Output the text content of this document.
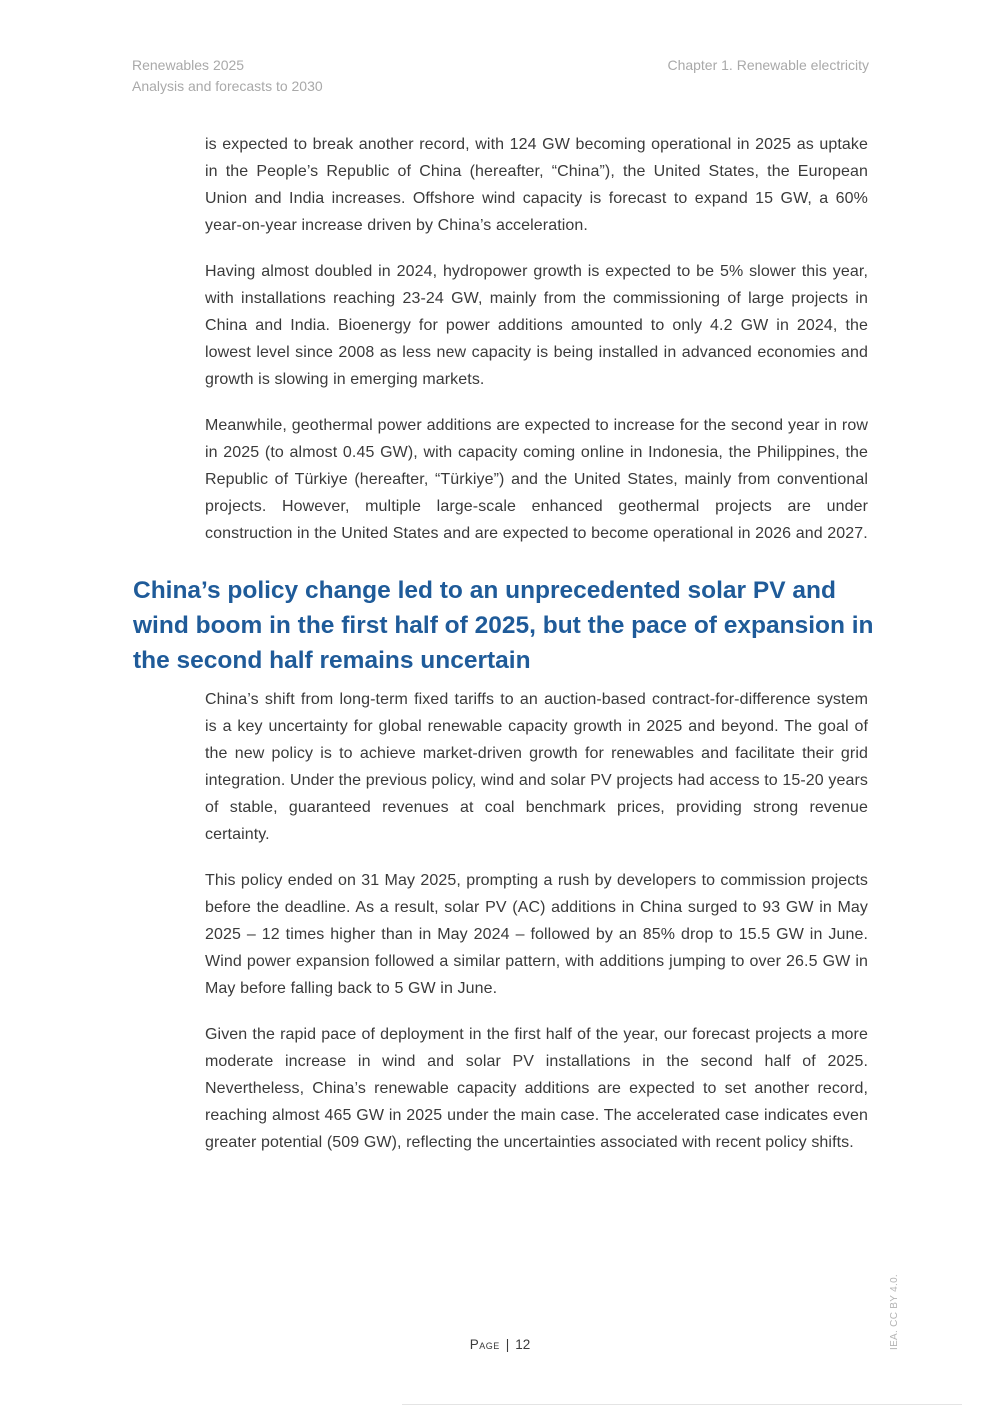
Renewables 2025
Analysis and forecasts to 2030
Chapter 1. Renewable electricity

is expected to break another record, with 124 GW becoming operational in 2025 as uptake in the People’s Republic of China (hereafter, “China”), the United States, the European Union and India increases. Offshore wind capacity is forecast to expand 15 GW, a 60% year-on-year increase driven by China’s acceleration.

Having almost doubled in 2024, hydropower growth is expected to be 5% slower this year, with installations reaching 23-24 GW, mainly from the commissioning of large projects in China and India. Bioenergy for power additions amounted to only 4.2 GW in 2024, the lowest level since 2008 as less new capacity is being installed in advanced economies and growth is slowing in emerging markets.

Meanwhile, geothermal power additions are expected to increase for the second year in row in 2025 (to almost 0.45 GW), with capacity coming online in Indonesia, the Philippines, the Republic of Türkiye (hereafter, “Türkiye”) and the United States, mainly from conventional projects. However, multiple large-scale enhanced geothermal projects are under construction in the United States and are expected to become operational in 2026 and 2027.

China’s policy change led to an unprecedented solar PV and wind boom in the first half of 2025, but the pace of expansion in the second half remains uncertain

China’s shift from long-term fixed tariffs to an auction-based contract-for-difference system is a key uncertainty for global renewable capacity growth in 2025 and beyond. The goal of the new policy is to achieve market-driven growth for renewables and facilitate their grid integration. Under the previous policy, wind and solar PV projects had access to 15-20 years of stable, guaranteed revenues at coal benchmark prices, providing strong revenue certainty.

This policy ended on 31 May 2025, prompting a rush by developers to commission projects before the deadline. As a result, solar PV (AC) additions in China surged to 93 GW in May 2025 – 12 times higher than in May 2024 – followed by an 85% drop to 15.5 GW in June. Wind power expansion followed a similar pattern, with additions jumping to over 26.5 GW in May before falling back to 5 GW in June.

Given the rapid pace of deployment in the first half of the year, our forecast projects a more moderate increase in wind and solar PV installations in the second half of 2025. Nevertheless, China’s renewable capacity additions are expected to set another record, reaching almost 465 GW in 2025 under the main case. The accelerated case indicates even greater potential (509 GW), reflecting the uncertainties associated with recent policy shifts.

Page | 12	IEA. CC BY 4.0.
